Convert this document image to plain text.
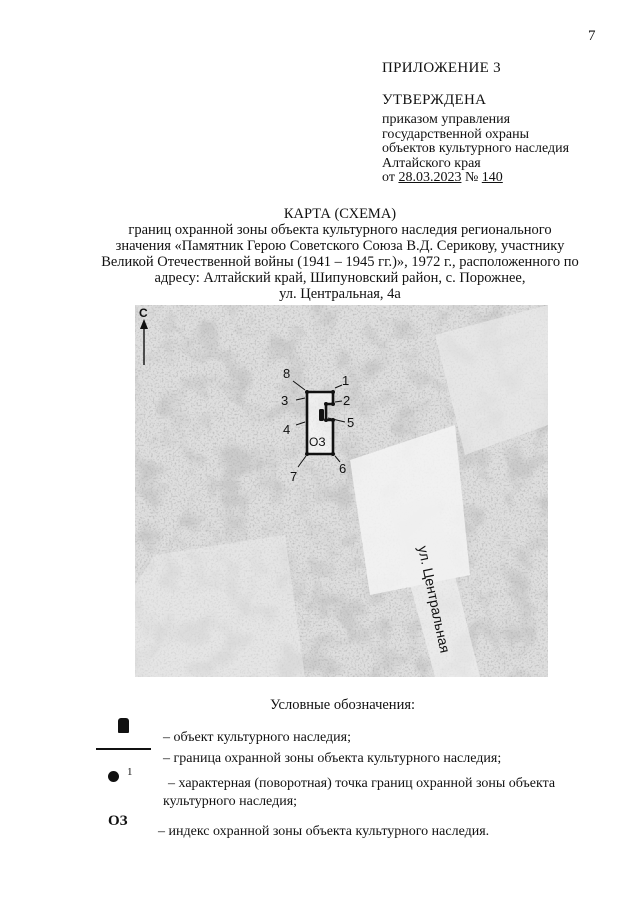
7
ПРИЛОЖЕНИЕ 3
УТВЕРЖДЕНА
приказом управления
государственной охраны
объектов культурного наследия
Алтайского края
от 28.03.2023 № 140
КАРТА (СХЕМА)
границ охранной зоны объекта культурного наследия регионального
значения «Памятник Герою Советского Союза В.Д. Серикову, участнику
Великой Отечественной войны (1941 – 1945 гг.)», 1972 г., расположенного по
адресу: Алтайский край, Шипуновский район, с. Порожнее,
ул. Центральная, 4а
С
ОЗ
1
2
3
4	5
6
7
8
ул. Центральная
Условные обозначения:
– объект культурного наследия;
– граница охранной зоны объекта культурного наследия;
1
– характерная (поворотная) точка границ охранной зоны объекта
культурного наследия;
ОЗ
– индекс охранной зоны объекта культурного наследия.
